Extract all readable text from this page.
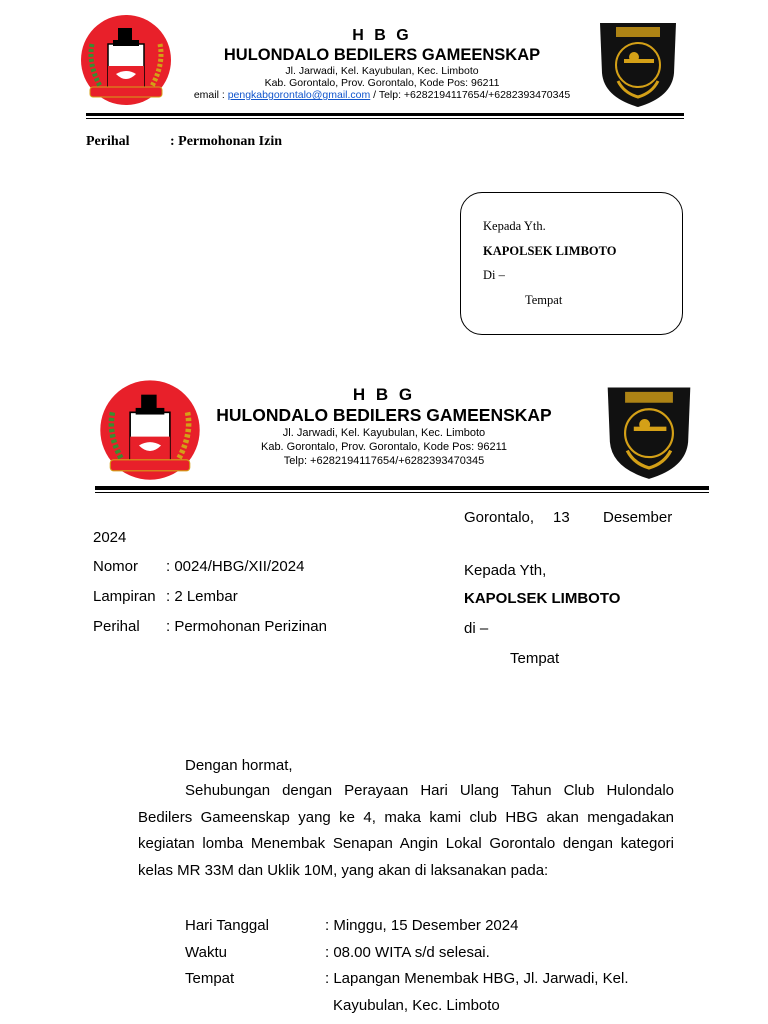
H B G
HULONDALO BEDILERS GAMEENSKAP
Jl. Jarwadi, Kel. Kayubulan, Kec. Limboto
Kab. Gorontalo, Prov. Gorontalo, Kode Pos: 96211
email : pengkabgorontalo@gmail.com / Telp: +6282194117654/+6282393470345
Perihal	: Permohonan Izin
Kepada Yth.
KAPOLSEK LIMBOTO
Di –
Tempat
H B G
HULONDALO BEDILERS GAMEENSKAP
Jl. Jarwadi, Kel. Kayubulan, Kec. Limboto
Kab. Gorontalo, Prov. Gorontalo, Kode Pos: 96211
Telp: +6282194117654/+6282393470345
Gorontalo, 13 Desember
2024
Nomor : 0024/HBG/XII/2024
Lampiran : 2 Lembar
Perihal : Permohonan Perizinan
Kepada Yth,
KAPOLSEK LIMBOTO
di –
Tempat
Dengan hormat,
Sehubungan dengan Perayaan Hari Ulang Tahun Club Hulondalo Bedilers Gameenskap yang ke 4, maka kami club HBG akan mengadakan kegiatan lomba Menembak Senapan Angin Lokal Gorontalo dengan kategori kelas MR 33M dan Uklik 10M, yang akan di laksanakan pada:
Hari Tanggal	: Minggu, 15 Desember 2024
Waktu	: 08.00 WITA s/d selesai.
Tempat	: Lapangan Menembak HBG, Jl. Jarwadi, Kel.
Kayubulan, Kec. Limboto
